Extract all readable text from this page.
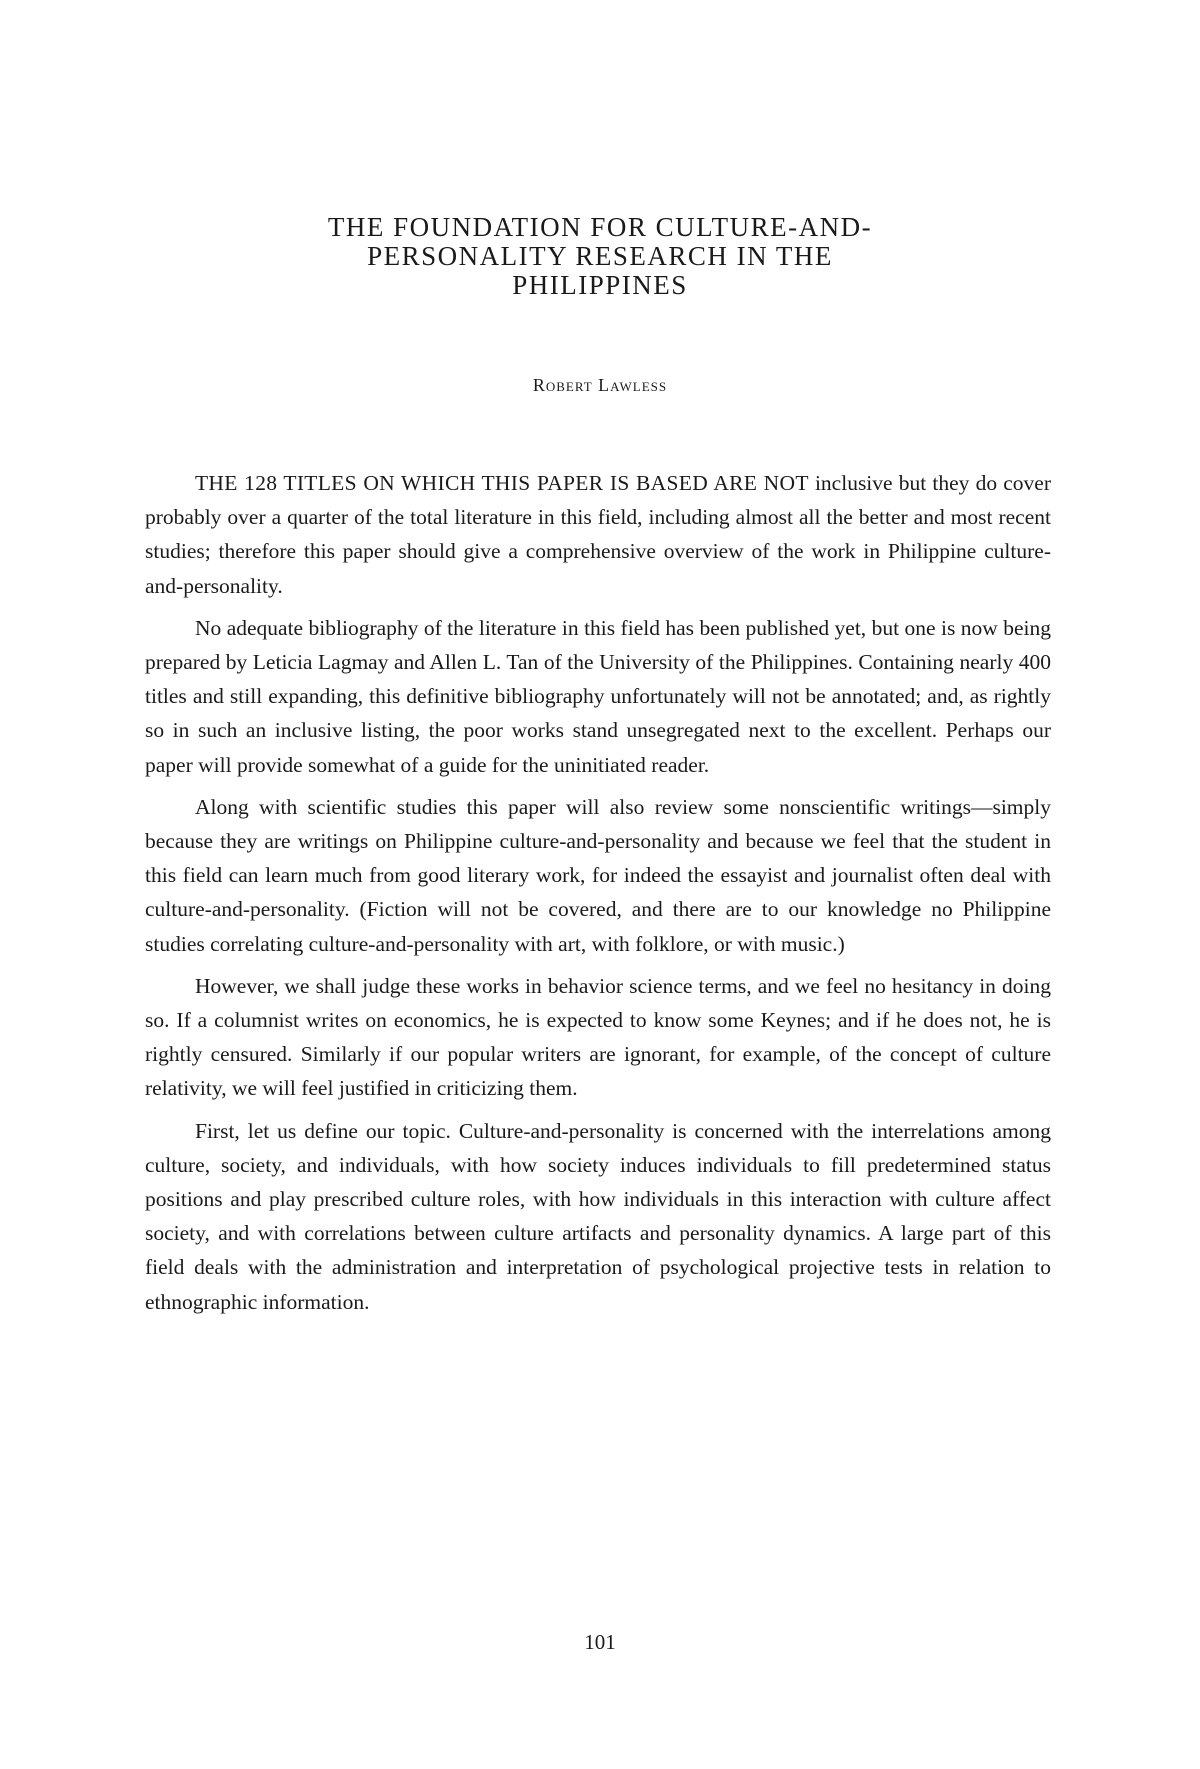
THE FOUNDATION FOR CULTURE-AND-
PERSONALITY RESEARCH IN THE
PHILIPPINES
Robert Lawless

THE 128 TITLES ON WHICH THIS PAPER IS BASED ARE NOT inclusive but they do cover probably over a quarter of the total literature in this field, including almost all the better and most recent studies; therefore this paper should give a comprehensive overview of the work in Philippine culture-and-personality.

No adequate bibliography of the literature in this field has been published yet, but one is now being prepared by Leticia Lagmay and Allen L. Tan of the University of the Philippines. Containing nearly 400 titles and still expanding, this definitive bibliography unfortunately will not be annotated; and, as rightly so in such an inclusive listing, the poor works stand unsegregated next to the excellent. Perhaps our paper will provide somewhat of a guide for the uninitiated reader.

Along with scientific studies this paper will also review some nonscientific writings—simply because they are writings on Philippine culture-and-personality and because we feel that the student in this field can learn much from good literary work, for indeed the essayist and journalist often deal with culture-and-personality. (Fiction will not be covered, and there are to our knowledge no Philippine studies correlating culture-and-personality with art, with folklore, or with music.)

However, we shall judge these works in behavior science terms, and we feel no hesitancy in doing so. If a columnist writes on economics, he is expected to know some Keynes; and if he does not, he is rightly censured. Similarly if our popular writers are ignorant, for example, of the concept of culture relativity, we will feel justified in criticizing them.

First, let us define our topic. Culture-and-personality is concerned with the interrelations among culture, society, and individuals, with how society induces individuals to fill predetermined status positions and play prescribed culture roles, with how individuals in this interaction with culture affect society, and with correlations between culture artifacts and personality dynamics. A large part of this field deals with the administration and interpretation of psychological projective tests in relation to ethnographic information.

101
